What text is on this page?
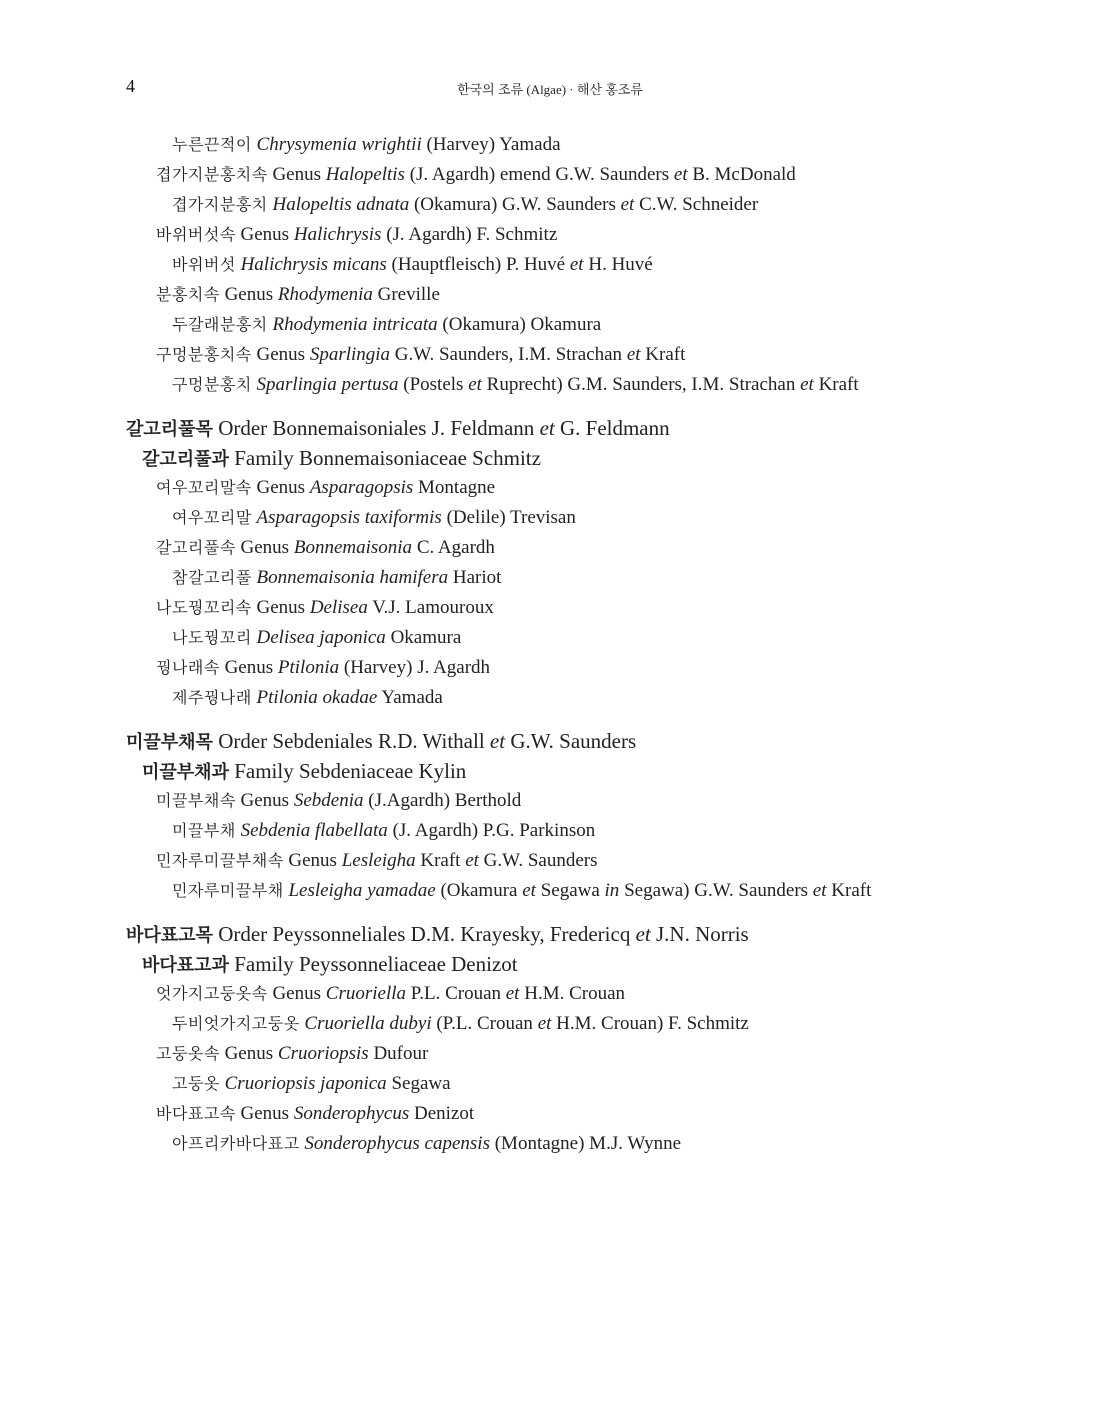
4	한국의 조류 (Algae) · 해산 홍조류
누른끈적이 Chrysymenia wrightii (Harvey) Yamada
겹가지분홍치속 Genus Halopeltis (J. Agardh) emend G.W. Saunders et B. McDonald
겹가지분홍치 Halopeltis adnata (Okamura) G.W. Saunders et C.W. Schneider
바위버섯속 Genus Halichrysis (J. Agardh) F. Schmitz
바위버섯 Halichrysis micans (Hauptfleisch) P. Huvé et H. Huvé
분홍치속 Genus Rhodymenia Greville
두갈래분홍치 Rhodymenia intricata (Okamura) Okamura
구멍분홍치속 Genus Sparlingia G.W. Saunders, I.M. Strachan et Kraft
구멍분홍치 Sparlingia pertusa (Postels et Ruprecht) G.M. Saunders, I.M. Strachan et Kraft
갈고리풀목 Order Bonnemaisoniales J. Feldmann et G. Feldmann
갈고리풀과 Family Bonnemaisoniaceae Schmitz
여우꼬리말속 Genus Asparagopsis Montagne
여우꼬리말 Asparagopsis taxiformis (Delile) Trevisan
갈고리풀속 Genus Bonnemaisonia C. Agardh
참갈고리풀 Bonnemaisonia hamifera Hariot
나도꿩꼬리속 Genus Delisea V.J. Lamouroux
나도꿩꼬리 Delisea japonica Okamura
꿩나래속 Genus Ptilonia (Harvey) J. Agardh
제주꿩나래 Ptilonia okadae Yamada
미끌부채목 Order Sebdeniales R.D. Withall et G.W. Saunders
미끌부채과 Family Sebdeniaceae Kylin
미끌부채속 Genus Sebdenia (J.Agardh) Berthold
미끌부채 Sebdenia flabellata (J. Agardh) P.G. Parkinson
민자루미끌부채속 Genus Lesleigha Kraft et G.W. Saunders
민자루미끌부채 Lesleigha yamadae (Okamura et Segawa in Segawa) G.W. Saunders et Kraft
바다표고목 Order Peyssonneliales D.M. Krayesky, Fredericq et J.N. Norris
바다표고과 Family Peyssonneliaceae Denizot
엇가지고둥옷속 Genus Cruoriella P.L. Crouan et H.M. Crouan
두비엇가지고둥옷 Cruoriella dubyi (P.L. Crouan et H.M. Crouan) F. Schmitz
고둥옷속 Genus Cruoriopsis Dufour
고둥옷 Cruoriopsis japonica Segawa
바다표고속 Genus Sonderophycus Denizot
아프리카바다표고 Sonderophycus capensis (Montagne) M.J. Wynne
